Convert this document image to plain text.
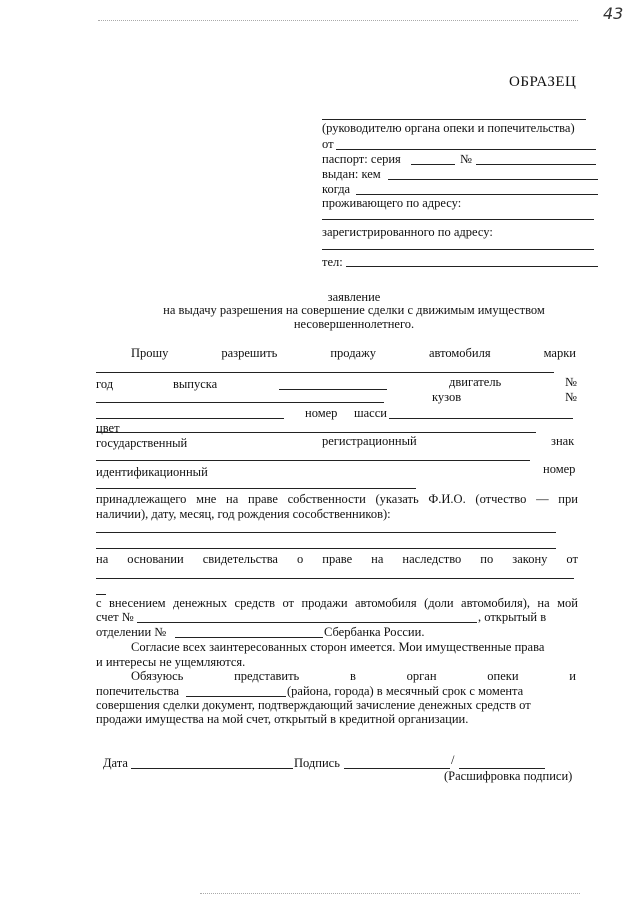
43
ОБРАЗЕЦ
(руководителю органа опеки и попечительства)
от
паспорт: серия	№
выдан: кем
когда
проживающего по адресу:
зарегистрированного по адресу:
тел:
заявление
на выдачу разрешения на совершение сделки с движимым имуществом
несовершеннолетнего.
Прошу	разрешить	продажу	автомобиля	марки
год	выпуска	двигатель	№
кузов	№
номер шасси
цвет
государственный	регистрационный	знак
идентификационный	номер
принадлежащего мне на праве собственности (указать Ф.И.О. (отчество — при
наличии), дату, месяц, год рождения сособственников):
на основании свидетельства о праве на наследство по закону от
с внесением денежных средств от продажи автомобиля (доли автомобиля), на мой
счет №	, открытый в
отделении №	Сбербанка России.
Согласие всех заинтересованных сторон имеется. Мои имущественные права
и интересы не ущемляются.
Обязуюсь	представить	в	орган	опеки	и
попечительства	(района, города) в месячный срок с момента
совершения сделки документ, подтверждающий зачисление денежных средств от
продажи имущества на мой счет, открытый в кредитной организации.
Дата	Подпись	/
(Расшифровка подписи)
